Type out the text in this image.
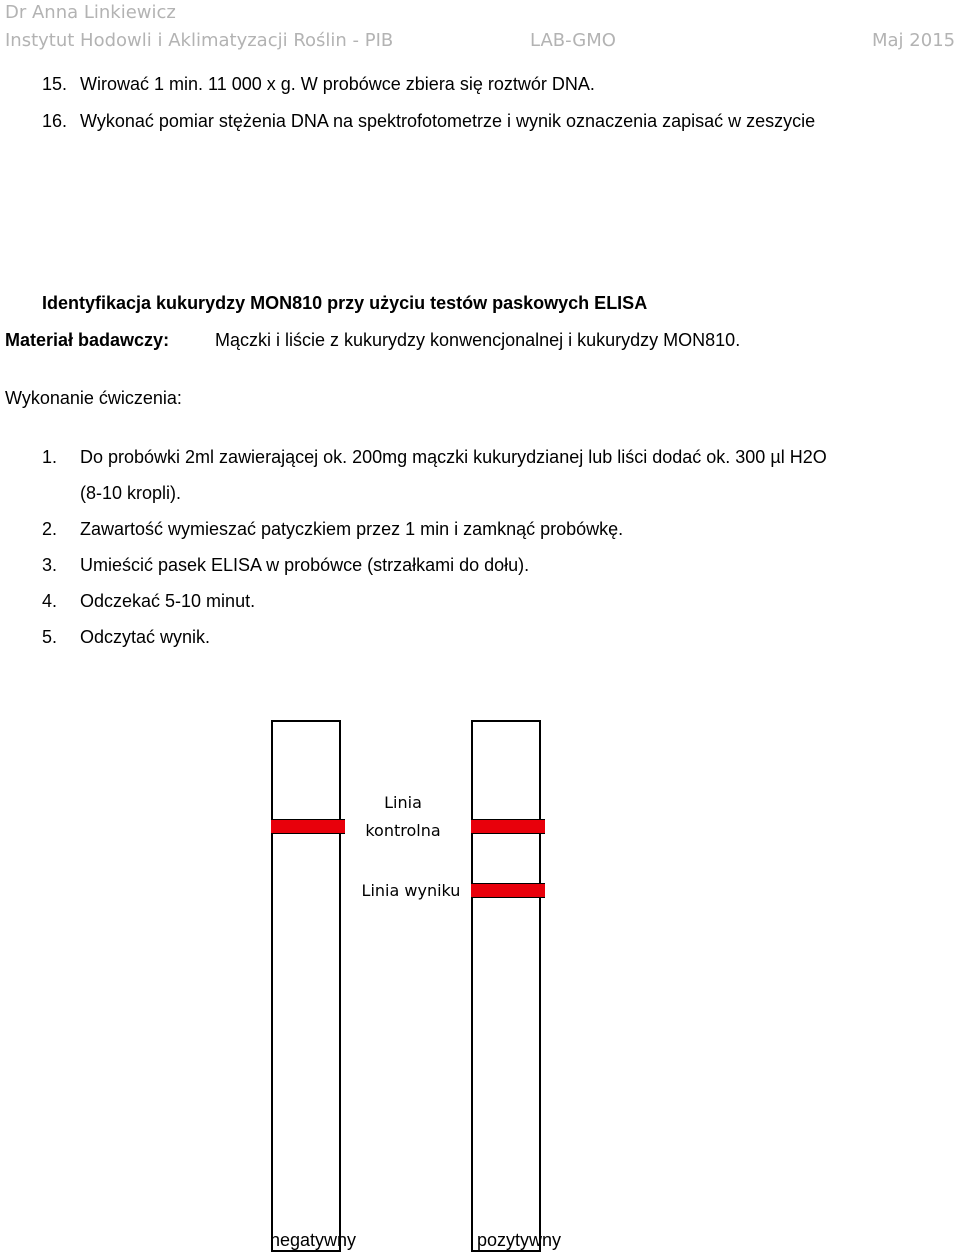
Dr Anna Linkiewicz
Instytut Hodowli i Aklimatyzacji Roślin - PIB	LAB-GMO	Maj 2015
15. Wirować 1 min. 11 000 x g. W probówce zbiera się roztwór DNA.
16. Wykonać pomiar stężenia DNA na spektrofotometrze i wynik oznaczenia zapisać w zeszycie
Identyfikacja kukurydzy MON810 przy użyciu testów paskowych ELISA
Materiał badawczy:	Mączki i liście z kukurydzy konwencjonalnej i kukurydzy MON810.
Wykonanie ćwiczenia:
1. Do probówki 2ml zawierającej ok. 200mg mączki kukurydzianej lub liści dodać ok. 300 µl H2O
(8-10 kropli).
2. Zawartość wymieszać patyczkiem przez 1 min i zamknąć probówkę.
3. Umieścić pasek ELISA w probówce (strzałkami do dołu).
4. Odczekać 5-10 minut.
5. Odczytać wynik.
Linia
kontrolna
Linia wyniku
negatywny	pozytywny
